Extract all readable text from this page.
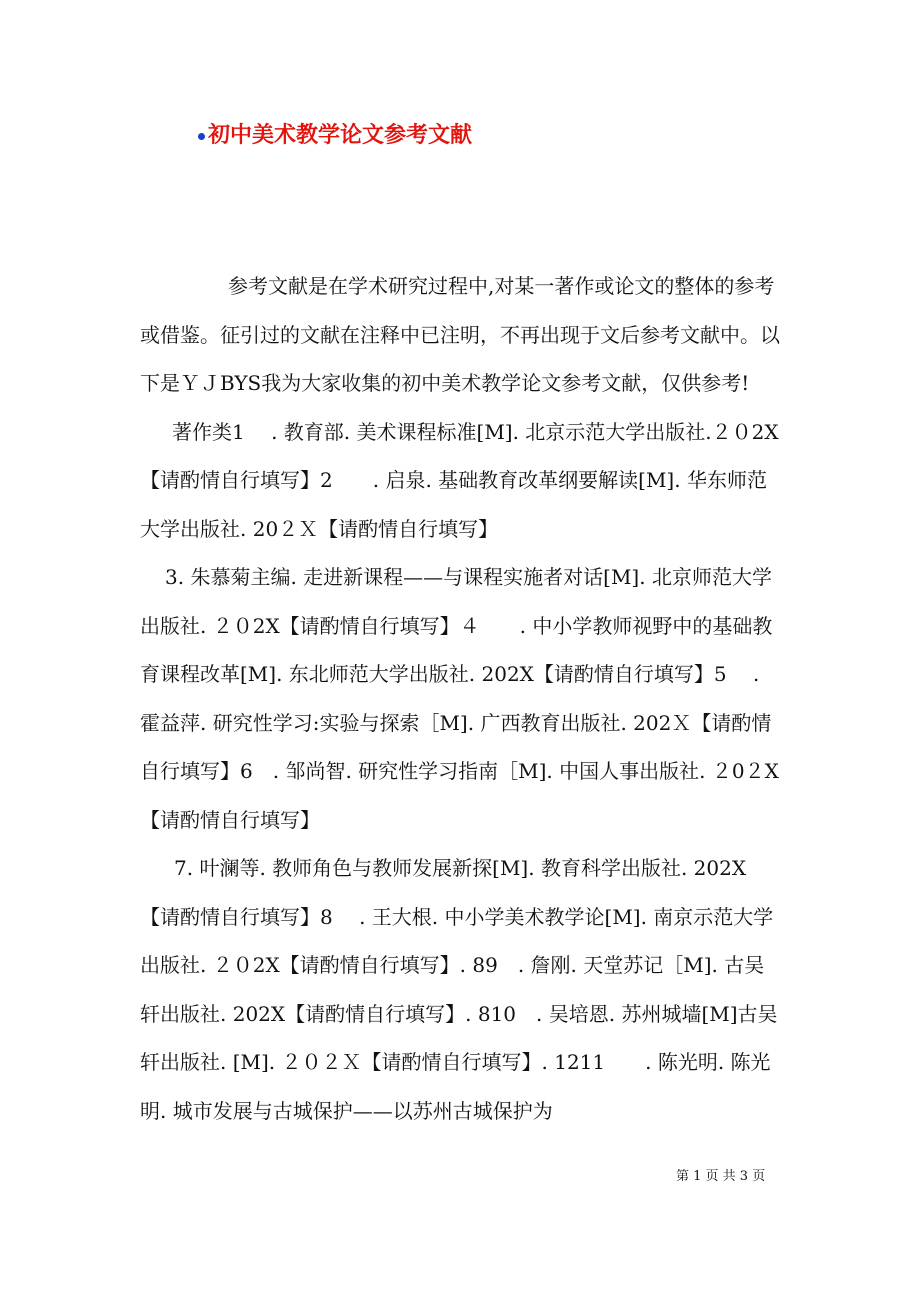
初中美术教学论文参考文献

参考文献是在学术研究过程中,对某一著作或论文的整体的参考或借鉴。征引过的文献在注释中已注明，不再出现于文后参考文献中。以下是ＹＪBYS我为大家收集的初中美术教学论文参考文献，仅供参考!

著作类1　 ﻿. 教育部. 美术课程标准[M]. 北京示范大学出版社.２０2X【请酌情自行填写】2　　﻿. 启泉. 基础教育改革纲要解读[M]. 华东师范大学出版社. 20２Ｘ【请酌情自行填写】

3. 朱慕菊主编. 走进新课程——与课程实施者对话[M]. 北京师范大学出版社. ２０2X【请酌情自行填写】４　　﻿. 中小学教师视野中的基础教育课程改革[M]. 东北师范大学出版社. 202X【请酌情自行填写】5　 ﻿.　 霍益萍. 研究性学习:实验与探索［M]. 广西教育出版社. 202Ｘ【请酌情自行填写】6　﻿. 邹尚智. 研究性学习指南［M]. 中国人事出版社. ２0２X【请酌情自行填写】

7. 叶澜等. 教师角色与教师发展新探[M]. 教育科学出版社. 202X【请酌情自行填写】8　 ﻿. 王大根. 中小学美术教学论[M]. 南京示范大学出版社. ２０2X【请酌情自行填写】. 89　﻿. 詹刚. 天堂苏记［M]. 古吴轩出版社. 202X【请酌情自行填写】. 810　﻿. 吴培恩. 苏州城墙[M]古吴轩出版社. [M]. ２０２Ｘ【请酌情自行填写】. 1211　　﻿. 陈光明. 陈光明. 城市发展与古城保护——以苏州古城保护为

第 1 页 共 3 页
